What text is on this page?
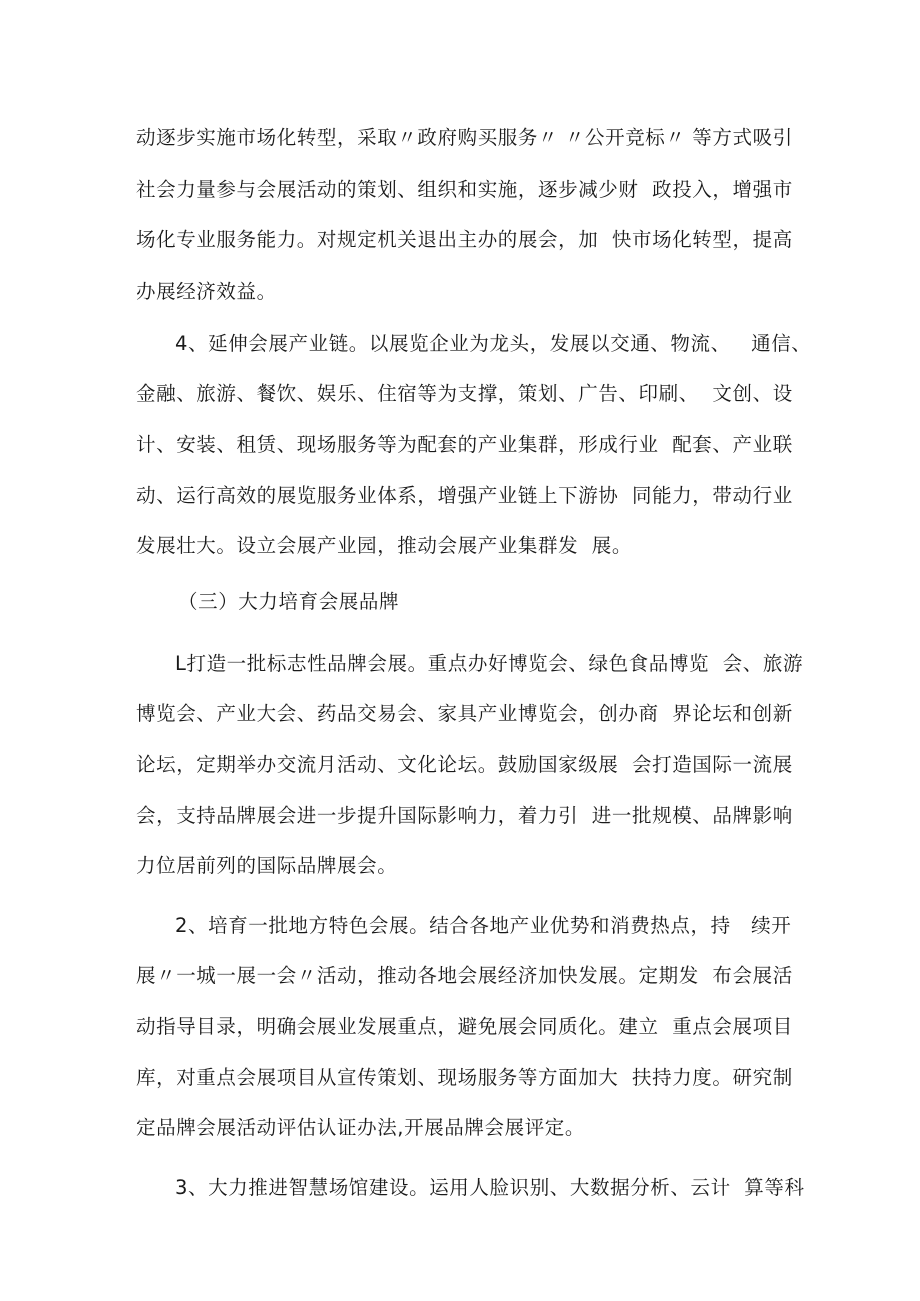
动逐步实施市场化转型，采取〃政府购买服务〃 〃公开竞标〃 等方式吸引
社会力量参与会展活动的策划、组织和实施，逐步减少财  政投入，增强市
场化专业服务能力。对规定机关退出主办的展会，加  快市场化转型，提高
办展经济效益。
4、延伸会展产业链。以展览企业为龙头，发展以交通、物流、   通信、
金融、旅游、餐饮、娱乐、住宿等为支撑，策划、广告、印刷、  文创、设
计、安装、租赁、现场服务等为配套的产业集群，形成行业  配套、产业联
动、运行高效的展览服务业体系，增强产业链上下游协  同能力，带动行业
发展壮大。设立会展产业园，推动会展产业集群发  展。
（三）大力培育会展品牌
L打造一批标志性品牌会展。重点办好博览会、绿色食品博览  会、旅游
博览会、产业大会、药品交易会、家具产业博览会，创办商  界论坛和创新
论坛，定期举办交流月活动、文化论坛。鼓励国家级展  会打造国际一流展
会，支持品牌展会进一步提升国际影响力，着力引  进一批规模、品牌影响
力位居前列的国际品牌展会。
2、培育一批地方特色会展。结合各地产业优势和消费热点，持   续开
展〃一城一展一会〃活动，推动各地会展经济加快发展。定期发  布会展活
动指导目录，明确会展业发展重点，避免展会同质化。建立  重点会展项目
库，对重点会展项目从宣传策划、现场服务等方面加大  扶持力度。研究制
定品牌会展活动评估认证办法,开展品牌会展评定。
3、大力推进智慧场馆建设。运用人脸识别、大数据分析、云计  算等科
